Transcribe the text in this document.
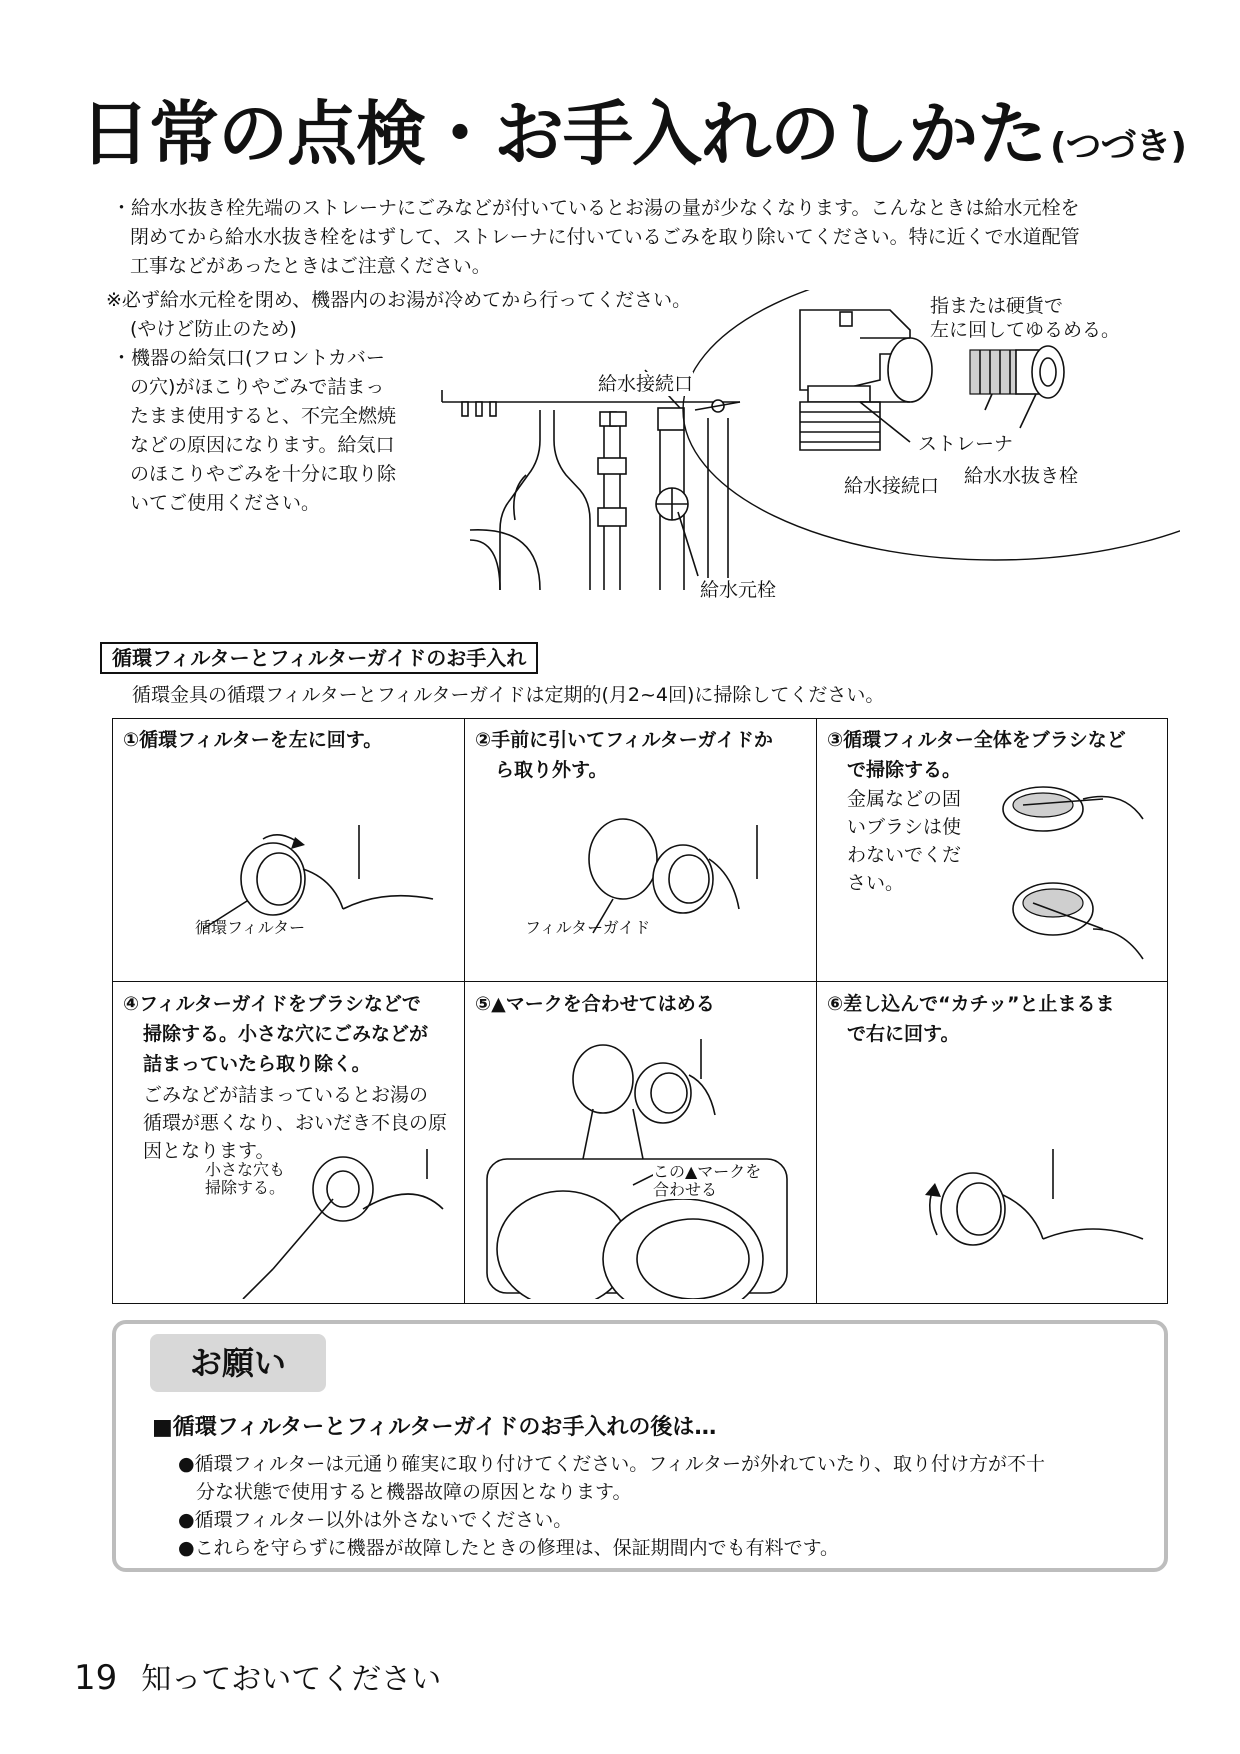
日常の点検・お手入れのしかた (つづき)
・給水水抜き栓先端のストレーナにごみなどが付いているとお湯の量が少なくなります。こんなときは給水元栓を
閉めてから給水水抜き栓をはずして、ストレーナに付いているごみを取り除いてください。特に近くで水道配管
工事などがあったときはご注意ください。
※必ず給水元栓を閉め、機器内のお湯が冷めてから行ってください。
(やけど防止のため)
・機器の給気口(フロントカバー
の穴)がほこりやごみで詰まっ
たまま使用すると、不完全燃焼
などの原因になります。給気口
のほこりやごみを十分に取り除
いてご使用ください。
給水接続口
給水元栓
指または硬貨で
左に回してゆるめる。
ストレーナ
給水接続口 給水水抜き栓
循環フィルターとフィルターガイドのお手入れ
循環金具の循環フィルターとフィルターガイドは定期的(月2~4回)に掃除してください。
①循環フィルターを左に回す。
循環フィルター
②手前に引いてフィルターガイドか
ら取り外す。
フィルターガイド
③循環フィルター全体をブラシなど
で掃除する。
金属などの固
いブラシは使
わないでくだ
さい。
④フィルターガイドをブラシなどで
掃除する。小さな穴にごみなどが
詰まっていたら取り除く。
ごみなどが詰まっているとお湯の
循環が悪くなり、おいだき不良の原
因となります。
小さな穴も
掃除する。
⑤▲マークを合わせてはめる
この▲マークを
合わせる
⑥差し込んで“カチッ”と止まるま
で右に回す。
お願い
■循環フィルターとフィルターガイドのお手入れの後は…
●循環フィルターは元通り確実に取り付けてください。フィルターが外れていたり、取り付け方が不十
分な状態で使用すると機器故障の原因となります。
●循環フィルター以外は外さないでください。
●これらを守らずに機器が故障したときの修理は、保証期間内でも有料です。
19 知っておいてください
